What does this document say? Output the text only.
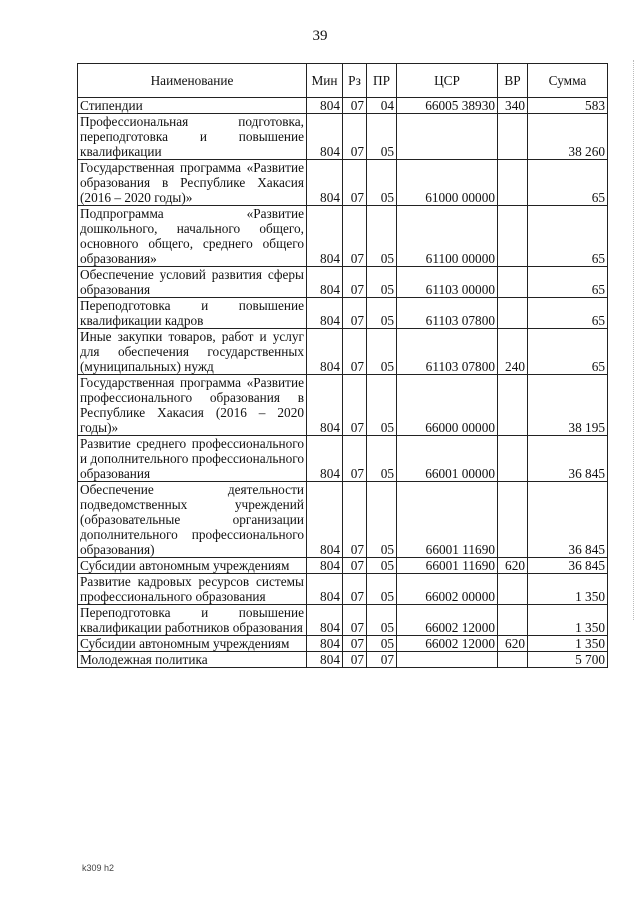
39
Наименование	Мин	Рз	ПР	ЦСР	ВР	Сумма
Стипендии	804	07	04	66005 38930	340	583
Профессиональная подготовка, переподготовка и повышение квалификации	804	07	05			38 260
Государственная программа «Развитие образования в Республике Хакасия (2016 – 2020 годы)»	804	07	05	61000 00000		65
Подпрограмма «Развитие дошкольного, начального общего, основного общего, среднего общего образования»	804	07	05	61100 00000		65
Обеспечение условий развития сферы образования	804	07	05	61103 00000		65
Переподготовка и повышение квалификации кадров	804	07	05	61103 07800		65
Иные закупки товаров, работ и услуг для обеспечения государственных (муниципальных) нужд	804	07	05	61103 07800	240	65
Государственная программа «Развитие профессионального образования в Республике Хакасия (2016 – 2020 годы)»	804	07	05	66000 00000		38 195
Развитие среднего профессионального и дополнительного профессионального образования	804	07	05	66001 00000		36 845
Обеспечение деятельности подведомственных учреждений (образовательные организации дополнительного профессионального образования)	804	07	05	66001 11690		36 845
Субсидии автономным учреждениям	804	07	05	66001 11690	620	36 845
Развитие кадровых ресурсов системы профессионального образования	804	07	05	66002 00000		1 350
Переподготовка и повышение квалификации работников образования	804	07	05	66002 12000		1 350
Субсидии автономным учреждениям	804	07	05	66002 12000	620	1 350
Молодежная политика	804	07	07			5 700
k309 h2
